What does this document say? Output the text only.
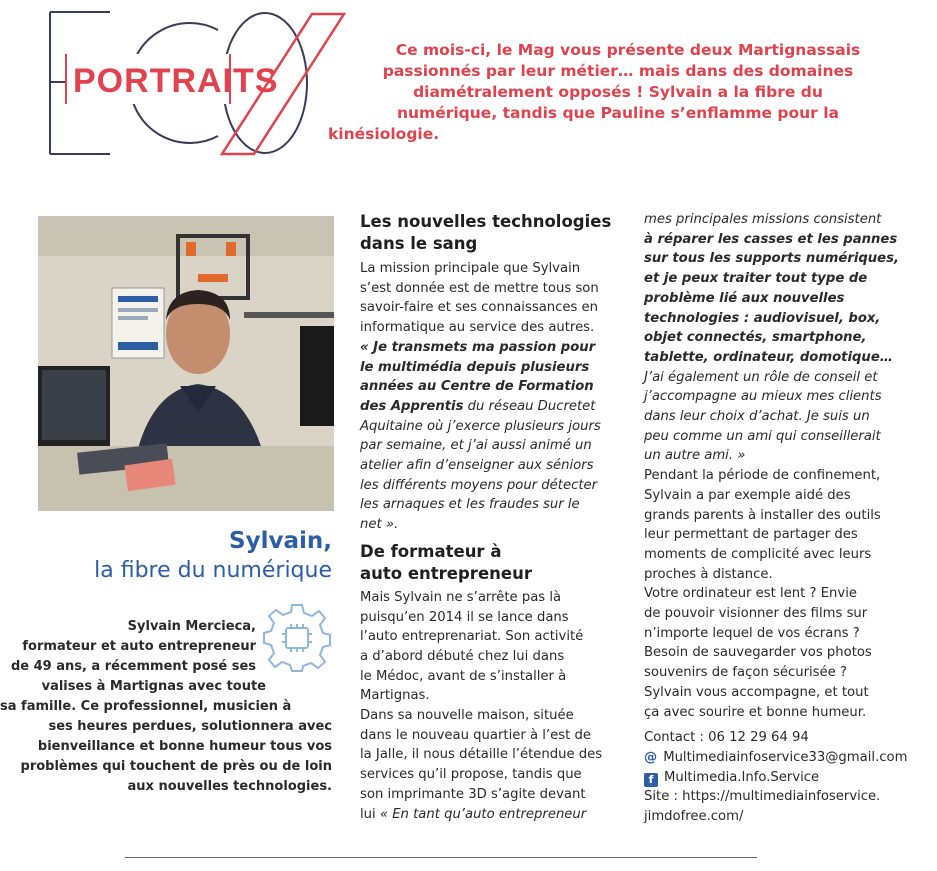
PORTRAITS
Ce mois-ci, le Mag vous présente deux Martignassais
passionnés par leur métier… mais dans des domaines
diamétralement opposés ! Sylvain a la fibre du
numérique, tandis que Pauline s’enflamme pour la
kinésiologie.
Sylvain,
la fibre du numérique
Sylvain Mercieca,
formateur et auto entrepreneur
de 49 ans, a récemment posé ses
valises à Martignas avec toute
sa famille. Ce professionnel, musicien à
ses heures perdues, solutionnera avec
bienveillance et bonne humeur tous vos
problèmes qui touchent de près ou de loin
aux nouvelles technologies.
Les nouvelles technologies
dans le sang
La mission principale que Sylvain
s’est donnée est de mettre tous son
savoir-faire et ses connaissances en
informatique au service des autres.
« Je transmets ma passion pour
le multimédia depuis plusieurs
années au Centre de Formation
des Apprentis du réseau Ducretet
Aquitaine où j’exerce plusieurs jours
par semaine, et j’ai aussi animé un
atelier afin d’enseigner aux séniors
les différents moyens pour détecter
les arnaques et les fraudes sur le
net ».
De formateur à
auto entrepreneur
Mais Sylvain ne s’arrête pas là
puisqu’en 2014 il se lance dans
l’auto entreprenariat. Son activité
a d’abord débuté chez lui dans
le Médoc, avant de s’installer à
Martignas.
Dans sa nouvelle maison, située
dans le nouveau quartier à l’est de
la Jalle, il nous détaille l’étendue des
services qu’il propose, tandis que
son imprimante 3D s’agite devant
lui « En tant qu’auto entrepreneur
mes principales missions consistent
à réparer les casses et les pannes
sur tous les supports numériques,
et je peux traiter tout type de
problème lié aux nouvelles
technologies : audiovisuel, box,
objet connectés, smartphone,
tablette, ordinateur, domotique…
J’ai également un rôle de conseil et
j’accompagne au mieux mes clients
dans leur choix d’achat. Je suis un
peu comme un ami qui conseillerait
un autre ami. »
Pendant la période de confinement,
Sylvain a par exemple aidé des
grands parents à installer des outils
leur permettant de partager des
moments de complicité avec leurs
proches à distance.
Votre ordinateur est lent ? Envie
de pouvoir visionner des films sur
n’importe lequel de vos écrans ?
Besoin de sauvegarder vos photos
souvenirs de façon sécurisée ?
Sylvain vous accompagne, et tout
ça avec sourire et bonne humeur.
Contact : 06 12 29 64 94
@ Multimediainfoservice33@gmail.com
f Multimedia.Info.Service
Site : https://multimediainfoservice.
jimdofree.com/
